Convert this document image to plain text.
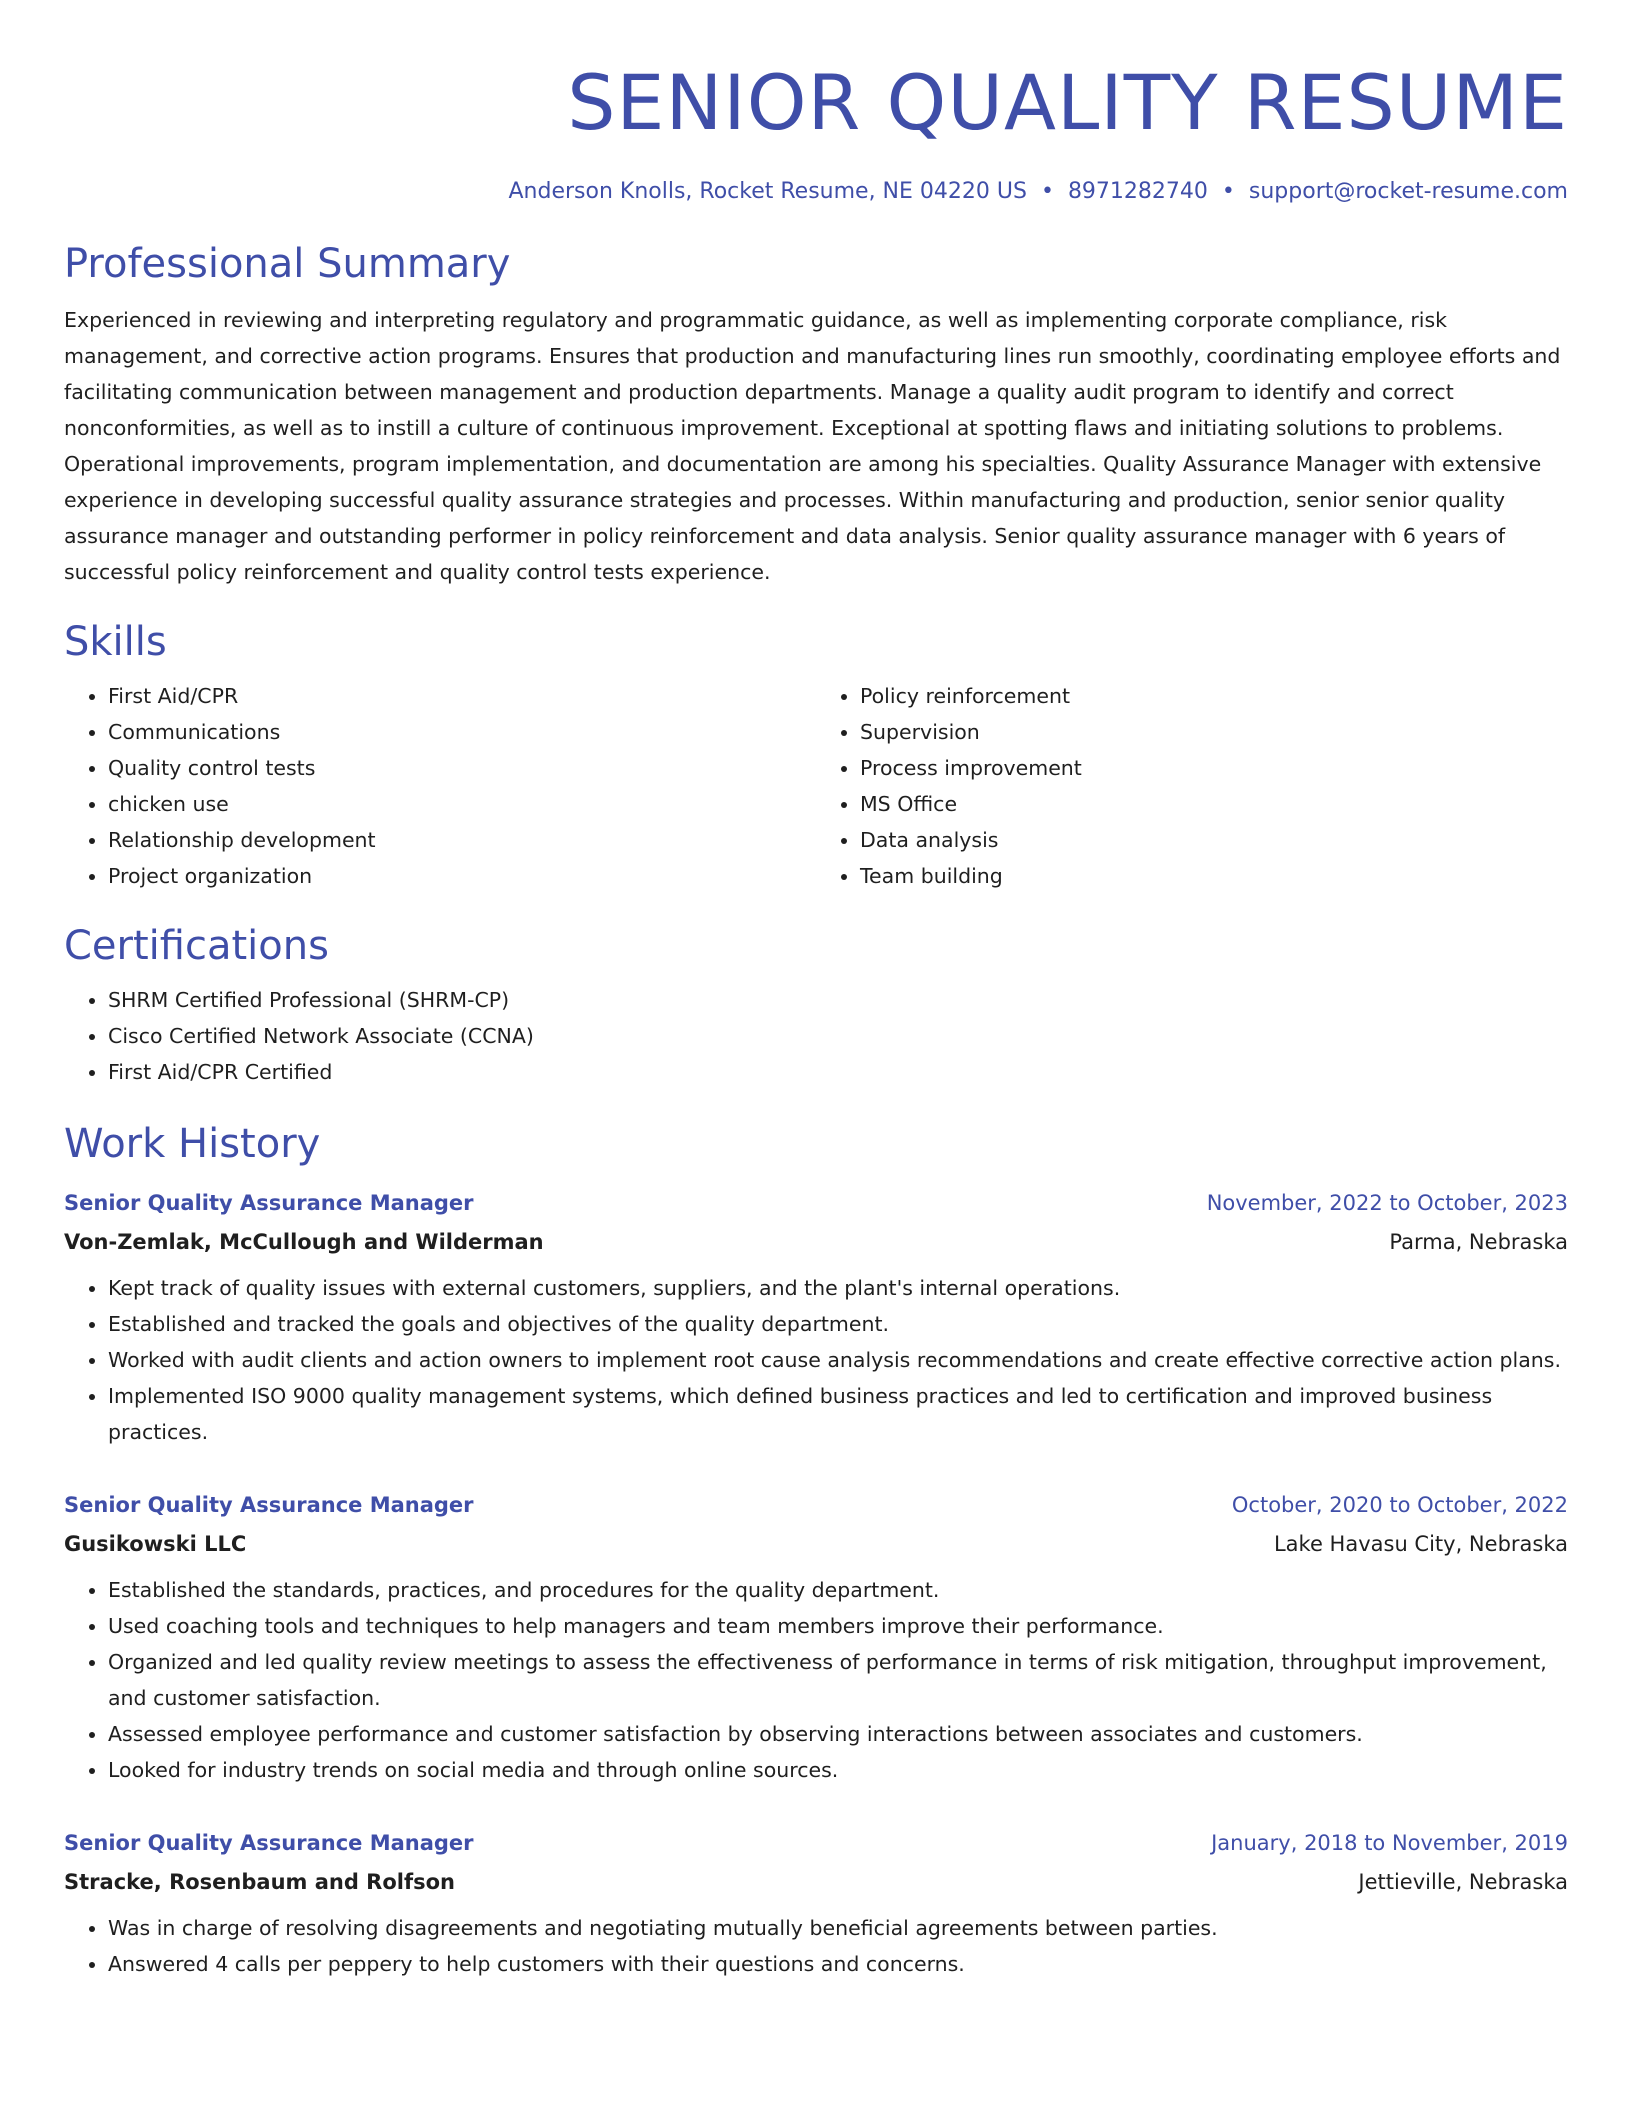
SENIOR QUALITY RESUME
Anderson Knolls, Rocket Resume, NE 04220 US • 8971282740 • support@rocket-resume.com
Professional Summary
Experienced in reviewing and interpreting regulatory and programmatic guidance, as well as implementing corporate compliance, risk management, and corrective action programs. Ensures that production and manufacturing lines run smoothly, coordinating employee efforts and facilitating communication between management and production departments. Manage a quality audit program to identify and correct nonconformities, as well as to instill a culture of continuous improvement. Exceptional at spotting flaws and initiating solutions to problems. Operational improvements, program implementation, and documentation are among his specialties. Quality Assurance Manager with extensive experience in developing successful quality assurance strategies and processes. Within manufacturing and production, senior senior quality assurance manager and outstanding performer in policy reinforcement and data analysis. Senior quality assurance manager with 6 years of successful policy reinforcement and quality control tests experience.
Skills
• First Aid/CPR
• Communications
• Quality control tests
• chicken use
• Relationship development
• Project organization
• Policy reinforcement
• Supervision
• Process improvement
• MS Office
• Data analysis
• Team building
Certifications
• SHRM Certified Professional (SHRM-CP)
• Cisco Certified Network Associate (CCNA)
• First Aid/CPR Certified
Work History
Senior Quality Assurance Manager	November, 2022 to October, 2023
Von-Zemlak, McCullough and Wilderman	Parma, Nebraska
• Kept track of quality issues with external customers, suppliers, and the plant's internal operations.
• Established and tracked the goals and objectives of the quality department.
• Worked with audit clients and action owners to implement root cause analysis recommendations and create effective corrective action plans.
• Implemented ISO 9000 quality management systems, which defined business practices and led to certification and improved business practices.
Senior Quality Assurance Manager	October, 2020 to October, 2022
Gusikowski LLC	Lake Havasu City, Nebraska
• Established the standards, practices, and procedures for the quality department.
• Used coaching tools and techniques to help managers and team members improve their performance.
• Organized and led quality review meetings to assess the effectiveness of performance in terms of risk mitigation, throughput improvement, and customer satisfaction.
• Assessed employee performance and customer satisfaction by observing interactions between associates and customers.
• Looked for industry trends on social media and through online sources.
Senior Quality Assurance Manager	January, 2018 to November, 2019
Stracke, Rosenbaum and Rolfson	Jettieville, Nebraska
• Was in charge of resolving disagreements and negotiating mutually beneficial agreements between parties.
• Answered 4 calls per peppery to help customers with their questions and concerns.
